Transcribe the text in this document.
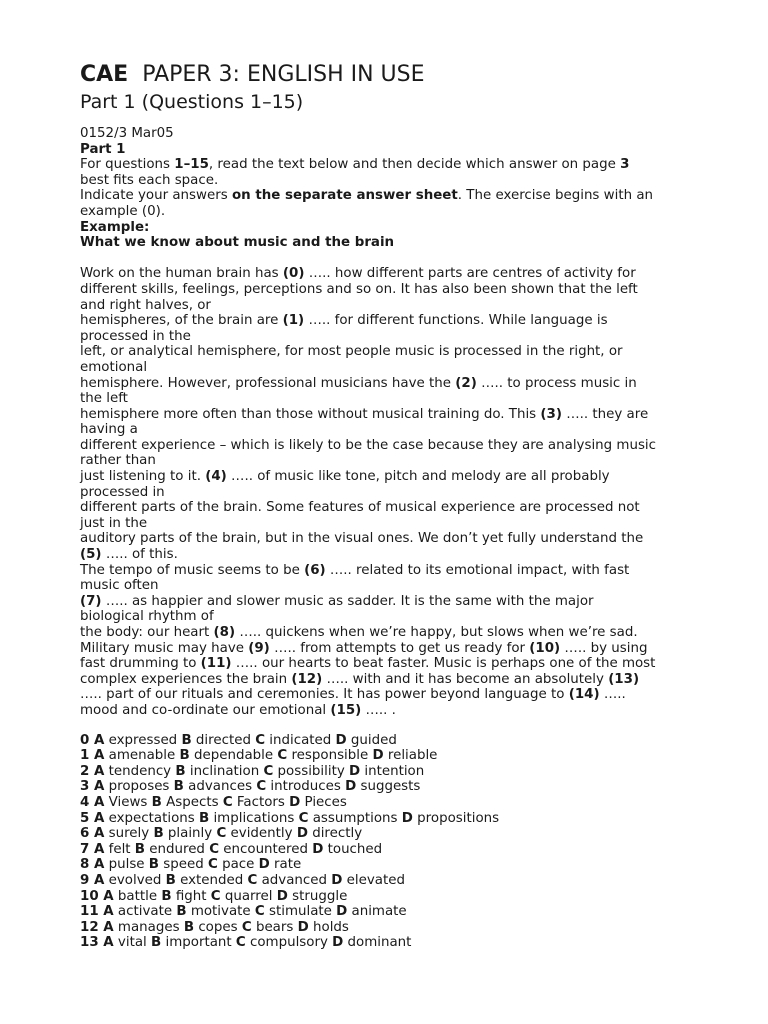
CAE PAPER 3: ENGLISH IN USE
Part 1 (Questions 1–15)
0152/3 Mar05
Part 1
For questions 1–15, read the text below and then decide which answer on page 3
best fits each space.
Indicate your answers on the separate answer sheet. The exercise begins with an
example (0).
Example:
What we know about music and the brain
Work on the human brain has (0) ….. how different parts are centres of activity for
different skills, feelings, perceptions and so on. It has also been shown that the left
and right halves, or
hemispheres, of the brain are (1) ….. for different functions. While language is
processed in the
left, or analytical hemisphere, for most people music is processed in the right, or
emotional
hemisphere. However, professional musicians have the (2) ….. to process music in
the left
hemisphere more often than those without musical training do. This (3) ….. they are
having a
different experience – which is likely to be the case because they are analysing music
rather than
just listening to it. (4) ….. of music like tone, pitch and melody are all probably
processed in
different parts of the brain. Some features of musical experience are processed not
just in the
auditory parts of the brain, but in the visual ones. We don’t yet fully understand the
(5) ….. of this.
The tempo of music seems to be (6) ….. related to its emotional impact, with fast
music often
(7) ….. as happier and slower music as sadder. It is the same with the major
biological rhythm of
the body: our heart (8) ….. quickens when we’re happy, but slows when we’re sad.
Military music may have (9) ….. from attempts to get us ready for (10) ….. by using
fast drumming to (11) ….. our hearts to beat faster. Music is perhaps one of the most
complex experiences the brain (12) ….. with and it has become an absolutely (13)
….. part of our rituals and ceremonies. It has power beyond language to (14) …..
mood and co-ordinate our emotional (15) ….. .
0 A expressed B directed C indicated D guided
1 A amenable B dependable C responsible D reliable
2 A tendency B inclination C possibility D intention
3 A proposes B advances C introduces D suggests
4 A Views B Aspects C Factors D Pieces
5 A expectations B implications C assumptions D propositions
6 A surely B plainly C evidently D directly
7 A felt B endured C encountered D touched
8 A pulse B speed C pace D rate
9 A evolved B extended C advanced D elevated
10 A battle B fight C quarrel D struggle
11 A activate B motivate C stimulate D animate
12 A manages B copes C bears D holds
13 A vital B important C compulsory D dominant
